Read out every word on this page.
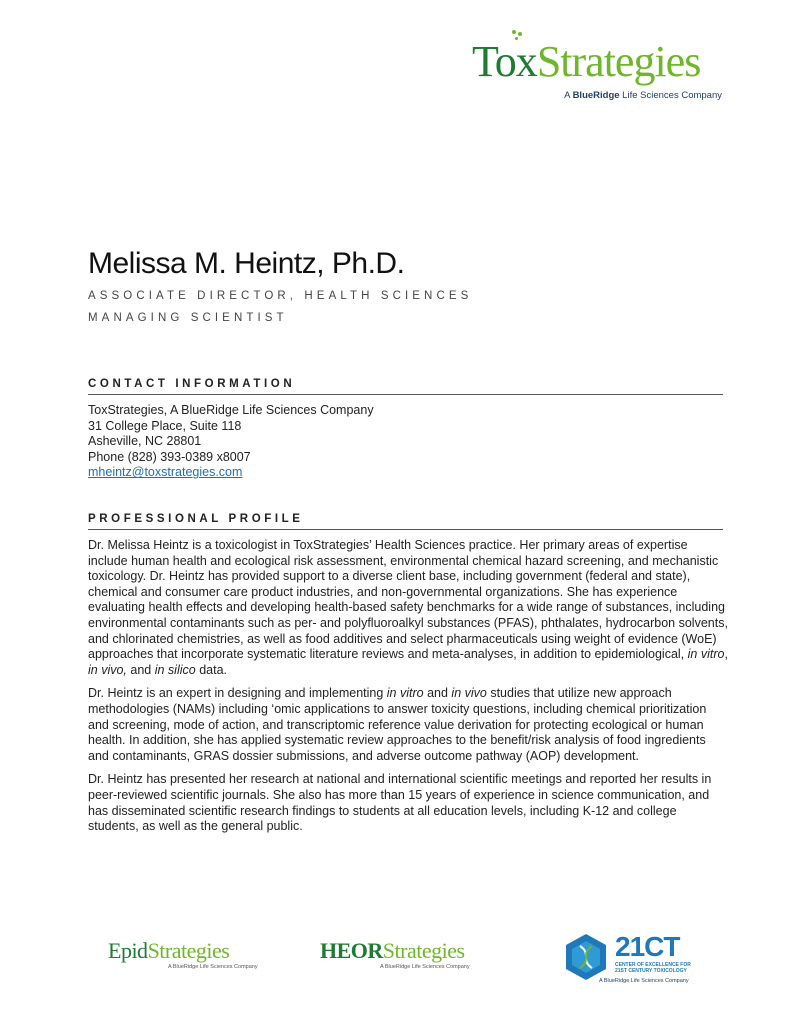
ToxStrategies
A BlueRidge Life Sciences Company
Melissa M. Heintz, Ph.D.
ASSOCIATE DIRECTOR, HEALTH SCIENCES
MANAGING SCIENTIST
CONTACT INFORMATION
ToxStrategies, A BlueRidge Life Sciences Company
31 College Place, Suite 118
Asheville, NC 28801
Phone (828) 393-0389 x8007
mheintz@toxstrategies.com
PROFESSIONAL PROFILE

Dr. Melissa Heintz is a toxicologist in ToxStrategies’ Health Sciences practice. Her primary areas of expertise include human health and ecological risk assessment, environmental chemical hazard screening, and mechanistic toxicology. Dr. Heintz has provided support to a diverse client base, including government (federal and state), chemical and consumer care product industries, and non-governmental organizations. She has experience evaluating health effects and developing health-based safety benchmarks for a wide range of substances, including environmental contaminants such as per- and polyfluoroalkyl substances (PFAS), phthalates, hydrocarbon solvents, and chlorinated chemistries, as well as food additives and select pharmaceuticals using weight of evidence (WoE) approaches that incorporate systematic literature reviews and meta-analyses, in addition to epidemiological, in vitro, in vivo, and in silico data.

Dr. Heintz is an expert in designing and implementing in vitro and in vivo studies that utilize new approach methodologies (NAMs) including ‘omic applications to answer toxicity questions, including chemical prioritization and screening, mode of action, and transcriptomic reference value derivation for protecting ecological or human health. In addition, she has applied systematic review approaches to the benefit/risk analysis of food ingredients and contaminants, GRAS dossier submissions, and adverse outcome pathway (AOP) development.

Dr. Heintz has presented her research at national and international scientific meetings and reported her results in peer-reviewed scientific journals. She also has more than 15 years of experience in science communication, and has disseminated scientific research findings to students at all education levels, including K-12 and college students, as well as the general public.

EpidStrategies
A BlueRidge Life Sciences Company
HEORStrategies
A BlueRidge Life Sciences Company
21CT
CENTER OF EXCELLENCE FOR
21ST CENTURY TOXICOLOGY
A BlueRidge Life Sciences Company
